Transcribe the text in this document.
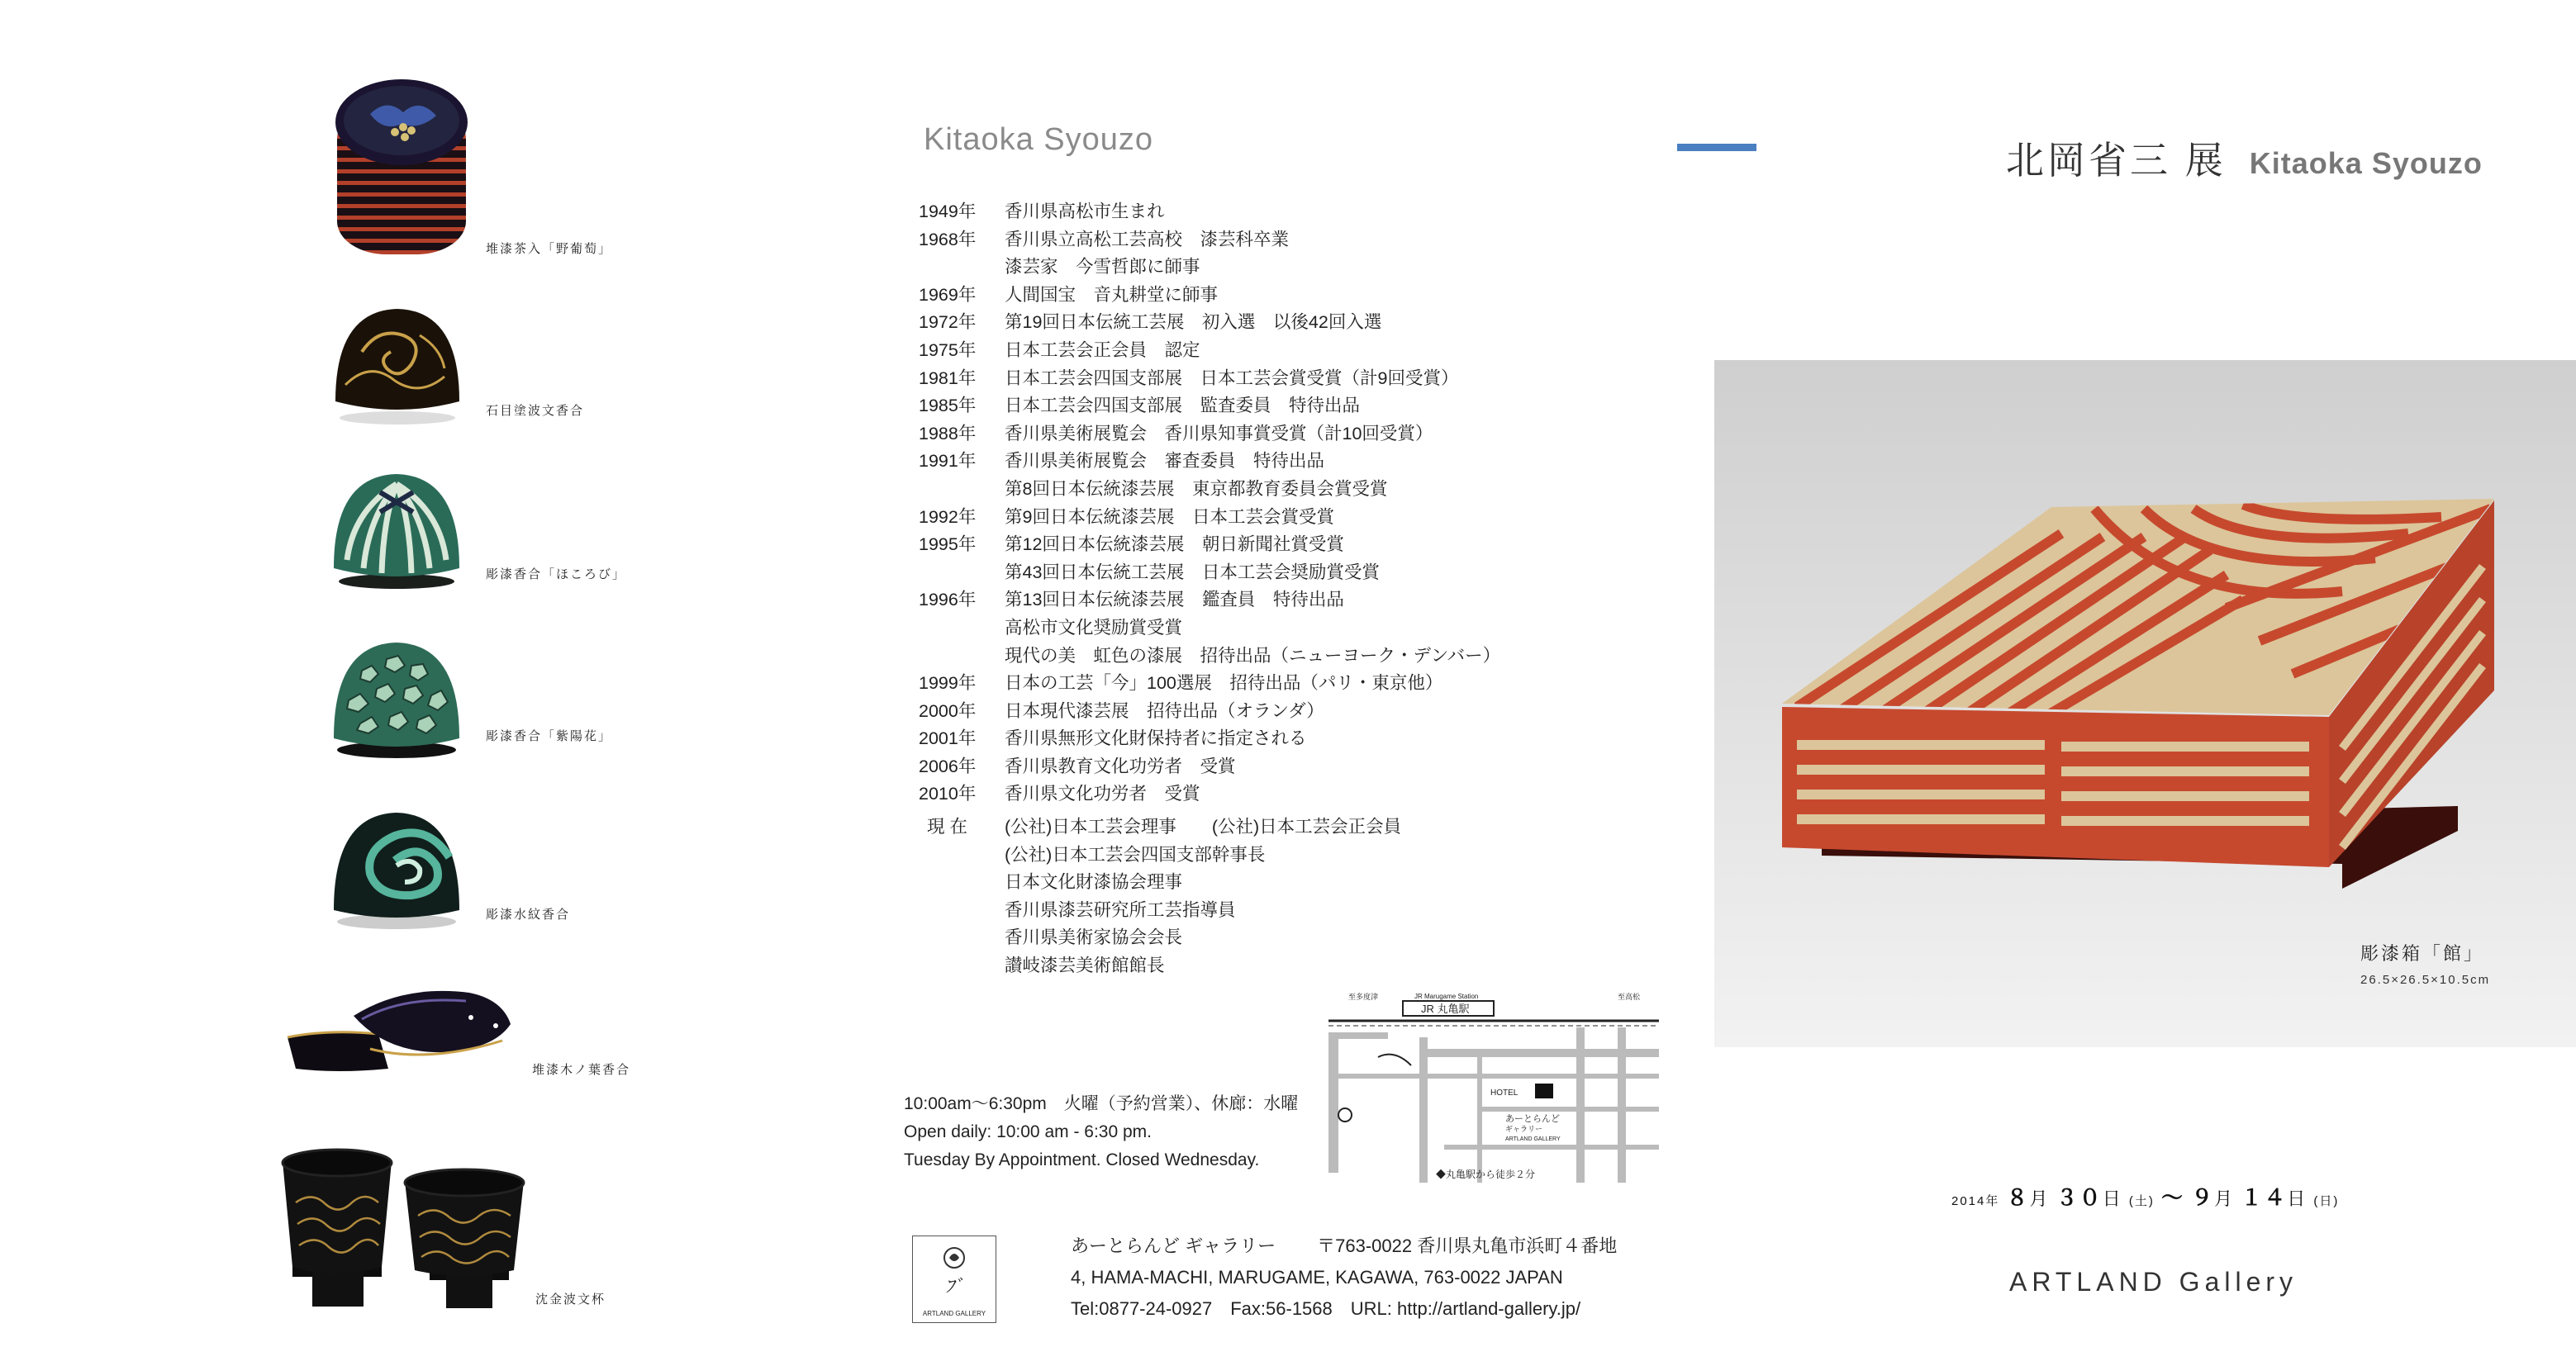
堆漆茶入「野葡萄」
石目塗波文香合
彫漆香合「ほころび」
彫漆香合「紫陽花」
彫漆水紋香合
堆漆木ノ葉香合
沈金波文杯
Kitaoka Syouzo
1949年	香川県高松市生まれ
1968年	香川県立高松工芸高校　漆芸科卒業
漆芸家　今雪哲郎に師事
1969年	人間国宝　音丸耕堂に師事
1972年	第19回日本伝統工芸展　初入選　以後42回入選
1975年	日本工芸会正会員　認定
1981年	日本工芸会四国支部展　日本工芸会賞受賞（計9回受賞）
1985年	日本工芸会四国支部展　監査委員　特待出品
1988年	香川県美術展覧会　香川県知事賞受賞（計10回受賞）
1991年	香川県美術展覧会　審査委員　特待出品
第8回日本伝統漆芸展　東京都教育委員会賞受賞
1992年	第9回日本伝統漆芸展　日本工芸会賞受賞
1995年	第12回日本伝統漆芸展　朝日新聞社賞受賞
第43回日本伝統工芸展　日本工芸会奨励賞受賞
1996年	第13回日本伝統漆芸展　鑑査員　特待出品
高松市文化奨励賞受賞
現代の美　虹色の漆展　招待出品（ニューヨーク・デンバー）
1999年	日本の工芸「今」100選展　招待出品（パリ・東京他）
2000年	日本現代漆芸展　招待出品（オランダ）
2001年	香川県無形文化財保持者に指定される
2006年	香川県教育文化功労者　受賞
2010年	香川県文化功労者　受賞
現 在	(公社)日本工芸会理事　　(公社)日本工芸会正会員
(公社)日本工芸会四国支部幹事長
日本文化財漆協会理事
香川県漆芸研究所工芸指導員
香川県美術家協会会長
讃岐漆芸美術館館長
10:00am〜6:30pm　火曜（予約営業）、休廊：水曜
Open daily: 10:00 am - 6:30 pm.
Tuesday By Appointment. Closed Wednesday.
至多度津	至高松
JR Marugame Station
JR 丸亀駅
HOTEL
あーとらんど
ギャラリー
ARTLAND GALLERY
◆丸亀駅から徒歩２分
ﾌﾞ
ARTLAND GALLERY
あーとらんど ギャラリー 〒763-0022 香川県丸亀市浜町４番地
4, HAMA-MACHI, MARUGAME, KAGAWA, 763-0022 JAPAN
Tel:0877-24-0927　Fax:56-1568　URL: http://artland-gallery.jp/
北岡省三 展 Kitaoka Syouzo
彫漆箱「館」
26.5×26.5×10.5cm
2014年 ８月 ３０日 (土) 〜 ９月 １４日 (日)
ARTLAND Gallery
